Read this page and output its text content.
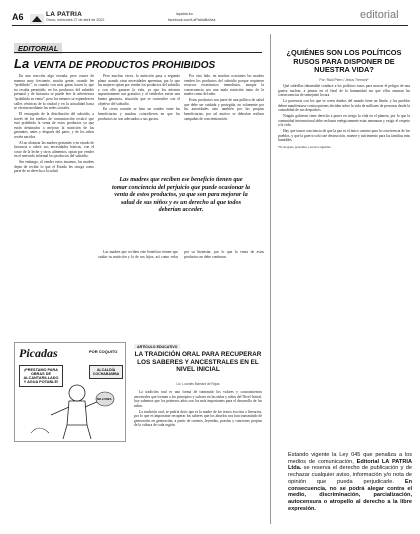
A6	LA PATRIA
Oruro, miércoles 27 de abril de 2022
lapatria.bo
facebook.com/LaPatriaBolivia	editorial
EDITORIAL
La VENTA DE PRODUCTOS PROHIBIDOS

En una reacción algo extraña, pero ocurre de manera muy frecuente, mucha gente, cuando lee “prohibido”, es cuando con más ganas hacen lo que no resulta permitido, en los productos del subsidio prenatal y de lactancia se puede leer la advertencia “prohibida su venta”, pero los mismos se expenden en calles céntricas de la ciudad y en la actualidad hasta se ofertan mediante las redes sociales.

El encargado de la distribución del subsidio, a través de los medios de comunicación recalcó que está prohibida la venta de estos productos ya que están destinados a mejorar la nutrición de las gestantes, antes y después del parto, y de los niños recién nacidos.

Al no alcanzar las madres gestantes o en estado de lactancia a cubrir sus necesidades básicas, con el costo de la leche y otros alimentos, optan por vender en el mercado informal los productos del subsidio.

Sin embargo, al vender estos insumos, las madres dejan de recibir lo que el Estado les otorga como parte de su derecho a la salud.

Pero muchas veces, la nutrición pasa a segundo plano cuando otras necesidades apremian, por lo que las mujeres optan por vender los productos del subsidio y con ello ganarse la vida, ya que los mismos supuestamente son gratuitos y al venderlos existe una buena ganancia, situación que se contradice con el objetivo del subsidio.

En cierta ocasión se hizo un sondeo entre las beneficiarias y muchas coincidieron en que los productos no son adecuados a sus gustos.

Las madres que reciben ese beneficio tienen que tomar conciencia del perjuicio que puede ocasionar la venta de estos productos, ya que son para mejorar la salud de sus niños y es un derecho al que todos deberían acceder.

Por otro lado, en muchas ocasiones las madres venden los productos del subsidio porque requieren recursos económicos inmediatos, aunque la consecuencia sea una mala nutrición tanto de la madre como del niño.

Estos productos son parte de una política de salud que debe ser cuidada y protegida, no solamente por las autoridades sino también por las propias beneficiarias, por tal motivo se deberían realizar campañas de concientización.

Las madres que reciben este beneficio tienen que cuidar su nutrición y la de sus hijos, así como velar por su bienestar, por lo que la venta de estos productos no debe continuar.

Picadas	POR COQUITO
¡PRESTAMO PARA OBRAS DE ALCANTARILLADO Y AGUA POTABLE!
ALCALDÍA COCHABAMBA
MILLONES
ARTÍCULO EDUCATIVO
LA TRADICIÓN ORAL PARA RECUPERAR LOS SABERES Y ANCESTRALES EN EL NIVEL INICIAL
Lic. Lourdes Mamani de Rojas

La tradición oral es una forma de transmitir los valores y conocimientos ancestrales que forman a los principios y valores en las niñas y niños del Nivel Inicial, hoy sabemos que los primeros años son los más importantes para el desarrollo de los niños.

La tradición oral, se podría decir que es la madre de los textos escritos o literarios, por lo que es importante recuperar los saberes que los abuelos nos han transmitido de generación en generación, a partir de cuentos, leyendas, poesías y canciones propias de la cultura de cada región.

¿QUIÉNES SON LOS POLÍTICOS RUSOS PARA DISPONER DE NUESTRA VIDA?
Por: Raúl Pierri / Jesús Tremoni*

Qué sobrellas inhumable conduce a los políticos rusos para marcar el peligro de una guerra nuclear, a pensar en el final de la humanidad sin que ellos asuman las consecuencias de semejante locura.

La paciencia con los que se creen dueños del mundo tiene un límite, y los pueblos deben manifestarse contra quienes deciden sobre la vida de millones de personas desde la comodidad de sus despachos.

Ningún gobierno tiene derecho a poner en riesgo la vida en el planeta, por lo que la comunidad internacional debe rechazar enérgicamente estas amenazas y exigir el respeto a la vida.

Hay que tomar conciencia de que la paz es el único camino para la convivencia de los pueblos, y que la guerra solo trae destrucción, muerte y sufrimiento para las familias más humildes.

*Es abogado, periodista y escritor argentino.

Estando vigente la Ley 045 que penaliza a los medios de comunicación, Editorial LA PATRIA Ltda. se reserva el derecho de publicación y de rechazar cualquier aviso, información y/o nota de opinión que pueda perjudicarle. En consecuencia, no se podrá alegar contra el medio, discriminación, parcialización, autocensura o atropello al derecho a la libre expresión.
